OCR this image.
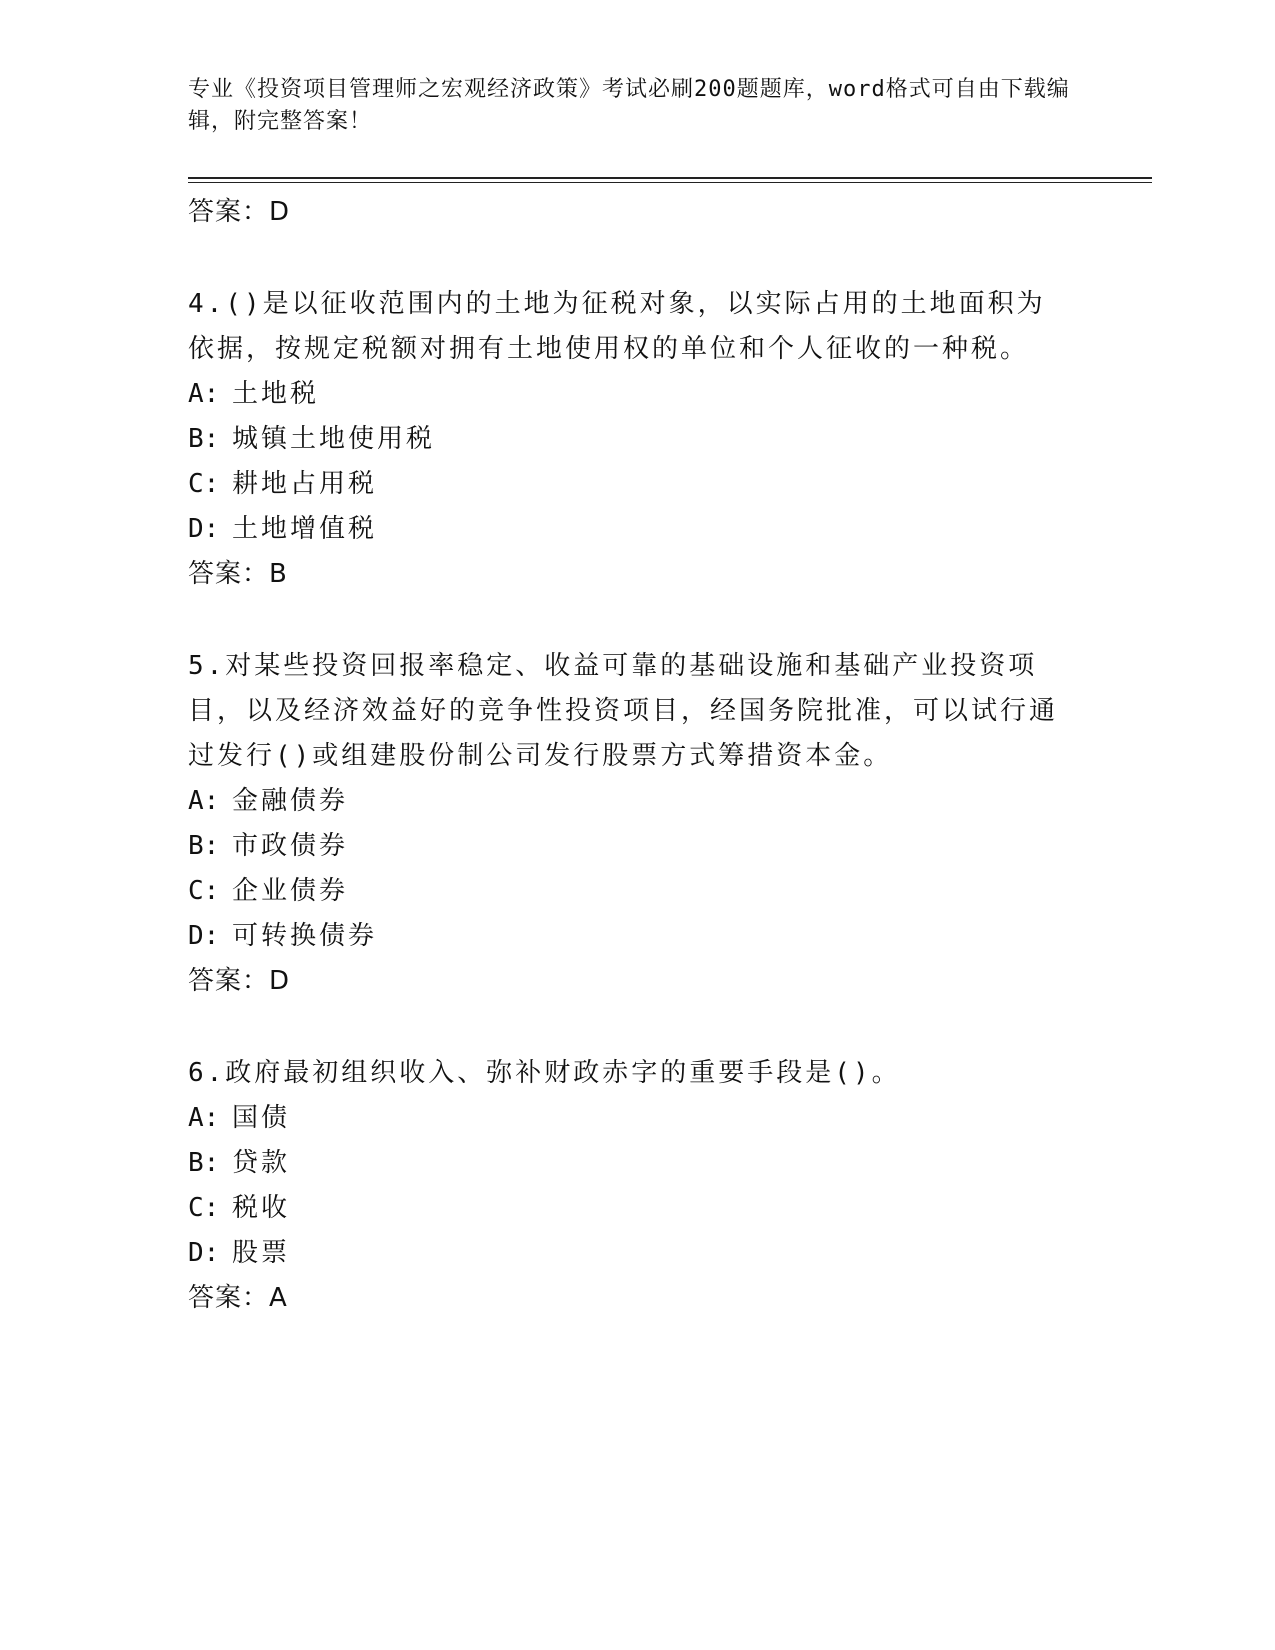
专业《投资项目管理师之宏观经济政策》考试必刷200题题库，word格式可自由下载编辑，附完整答案！
答案：D

4.()是以征收范围内的土地为征税对象，以实际占用的土地面积为依据，按规定税额对拥有土地使用权的单位和个人征收的一种税。

A: 土地税
B: 城镇土地使用税
C: 耕地占用税
D: 土地增值税
答案：B

5.对某些投资回报率稳定、收益可靠的基础设施和基础产业投资项目，以及经济效益好的竞争性投资项目，经国务院批准，可以试行通过发行()或组建股份制公司发行股票方式筹措资本金。

A: 金融债券
B: 市政债券
C: 企业债券
D: 可转换债券
答案：D

6.政府最初组织收入、弥补财政赤字的重要手段是()。

A: 国债
B: 贷款
C: 税收
D: 股票
答案：A
